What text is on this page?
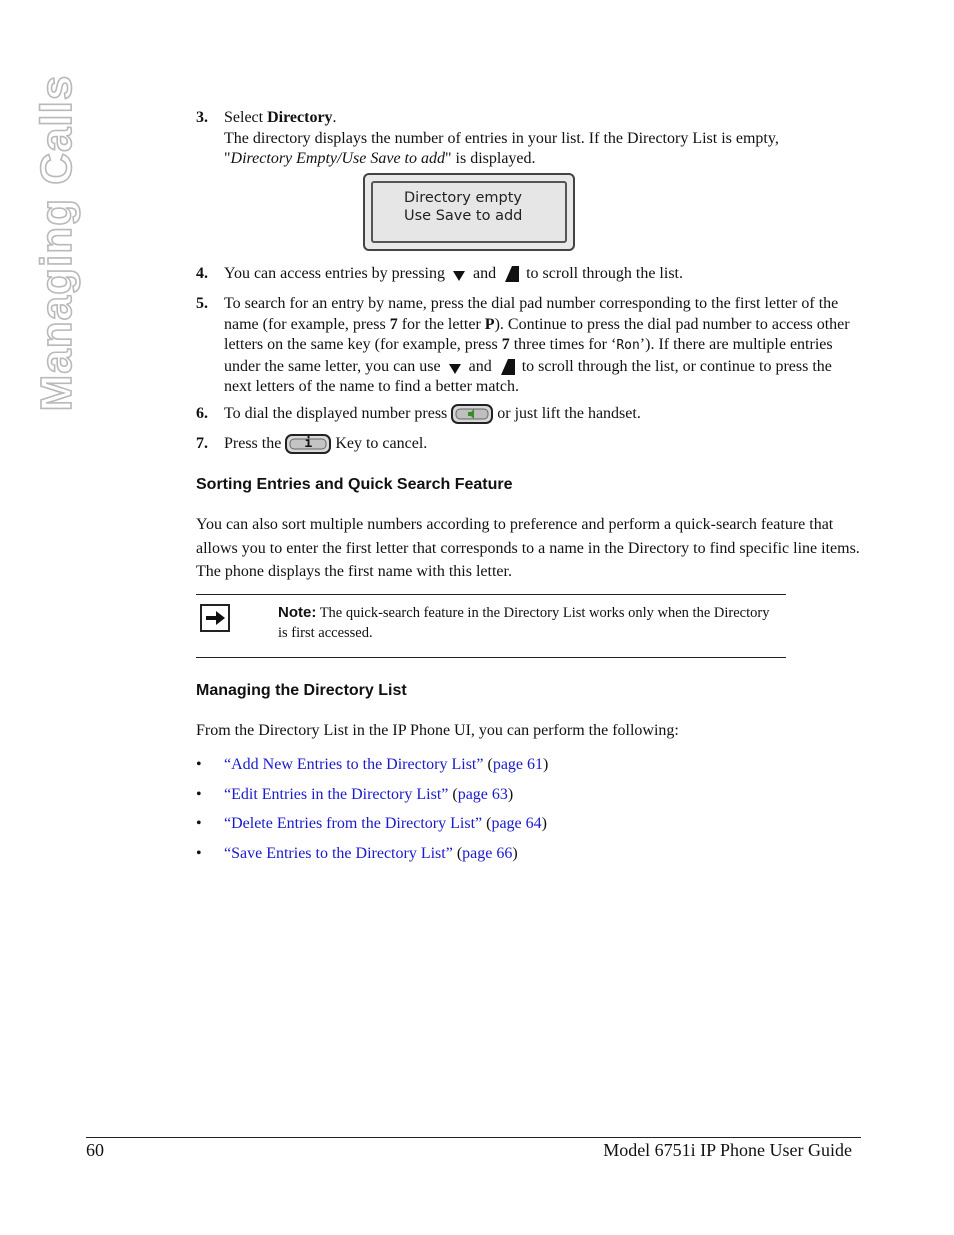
Managing Calls	3. Select Directory.
The directory displays the number of entries in your list. If the Directory List is empty,
"Directory Empty/Use Save to add" is displayed.
Directory empty
Use Save to add
4. You can access entries by pressing and to scroll through the list.
5. To search for an entry by name, press the dial pad number corresponding to the first letter of the name (for example, press 7 for the letter P). Continue to press the dial pad number to access other letters on the same key (for example, press 7 three times for ‘Ron’). If there are multiple entries under the same letter, you can use and to scroll through the list, or continue to press the next letters of the name to find a better match.
6. To dial the displayed number press	or just lift the handset.
7. Press the	i	Key to cancel.
Sorting Entries and Quick Search Feature

You can also sort multiple numbers according to preference and perform a quick-search feature that allows you to enter the first letter that corresponds to a name in the Directory to find specific line items. The phone displays the first name with this letter.

Note: The quick-search feature in the Directory List works only when the Directory is first accessed.
Managing the Directory List

From the Directory List in the IP Phone UI, you can perform the following:

• “Add New Entries to the Directory List” (page 61)
• “Edit Entries in the Directory List” (page 63)
• “Delete Entries from the Directory List” (page 64)
• “Save Entries to the Directory List” (page 66)
60	Model 6751i IP Phone User Guide
